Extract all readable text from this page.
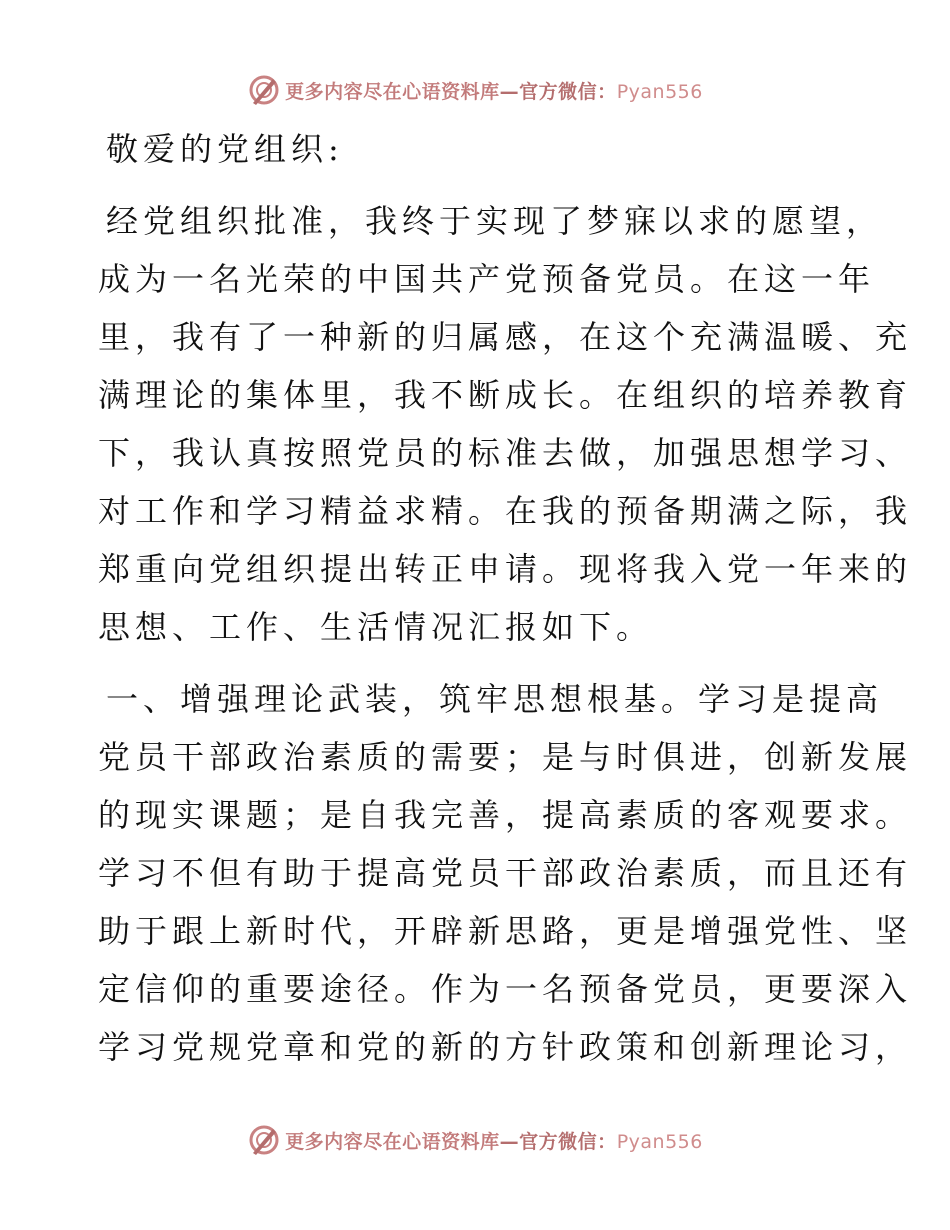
更多内容尽在心语资料库—官方微信：Pyan556
敬爱的党组织:
经党组织批准，我终于实现了梦寐以求的愿望，
成为一名光荣的中国共产党预备党员。在这一年
里，我有了一种新的归属感，在这个充满温暖、充
满理论的集体里，我不断成长。在组织的培养教育
下，我认真按照党员的标准去做，加强思想学习、
对工作和学习精益求精。在我的预备期满之际，我
郑重向党组织提出转正申请。现将我入党一年来的
思想、工作、生活情况汇报如下。
一、增强理论武装，筑牢思想根基。学习是提高
党员干部政治素质的需要；是与时俱进，创新发展
的现实课题；是自我完善，提高素质的客观要求。
学习不但有助于提高党员干部政治素质，而且还有
助于跟上新时代，开辟新思路，更是增强党性、坚
定信仰的重要途径。作为一名预备党员，更要深入
学习党规党章和党的新的方针政策和创新理论习，
更多内容尽在心语资料库—官方微信：Pyan556
